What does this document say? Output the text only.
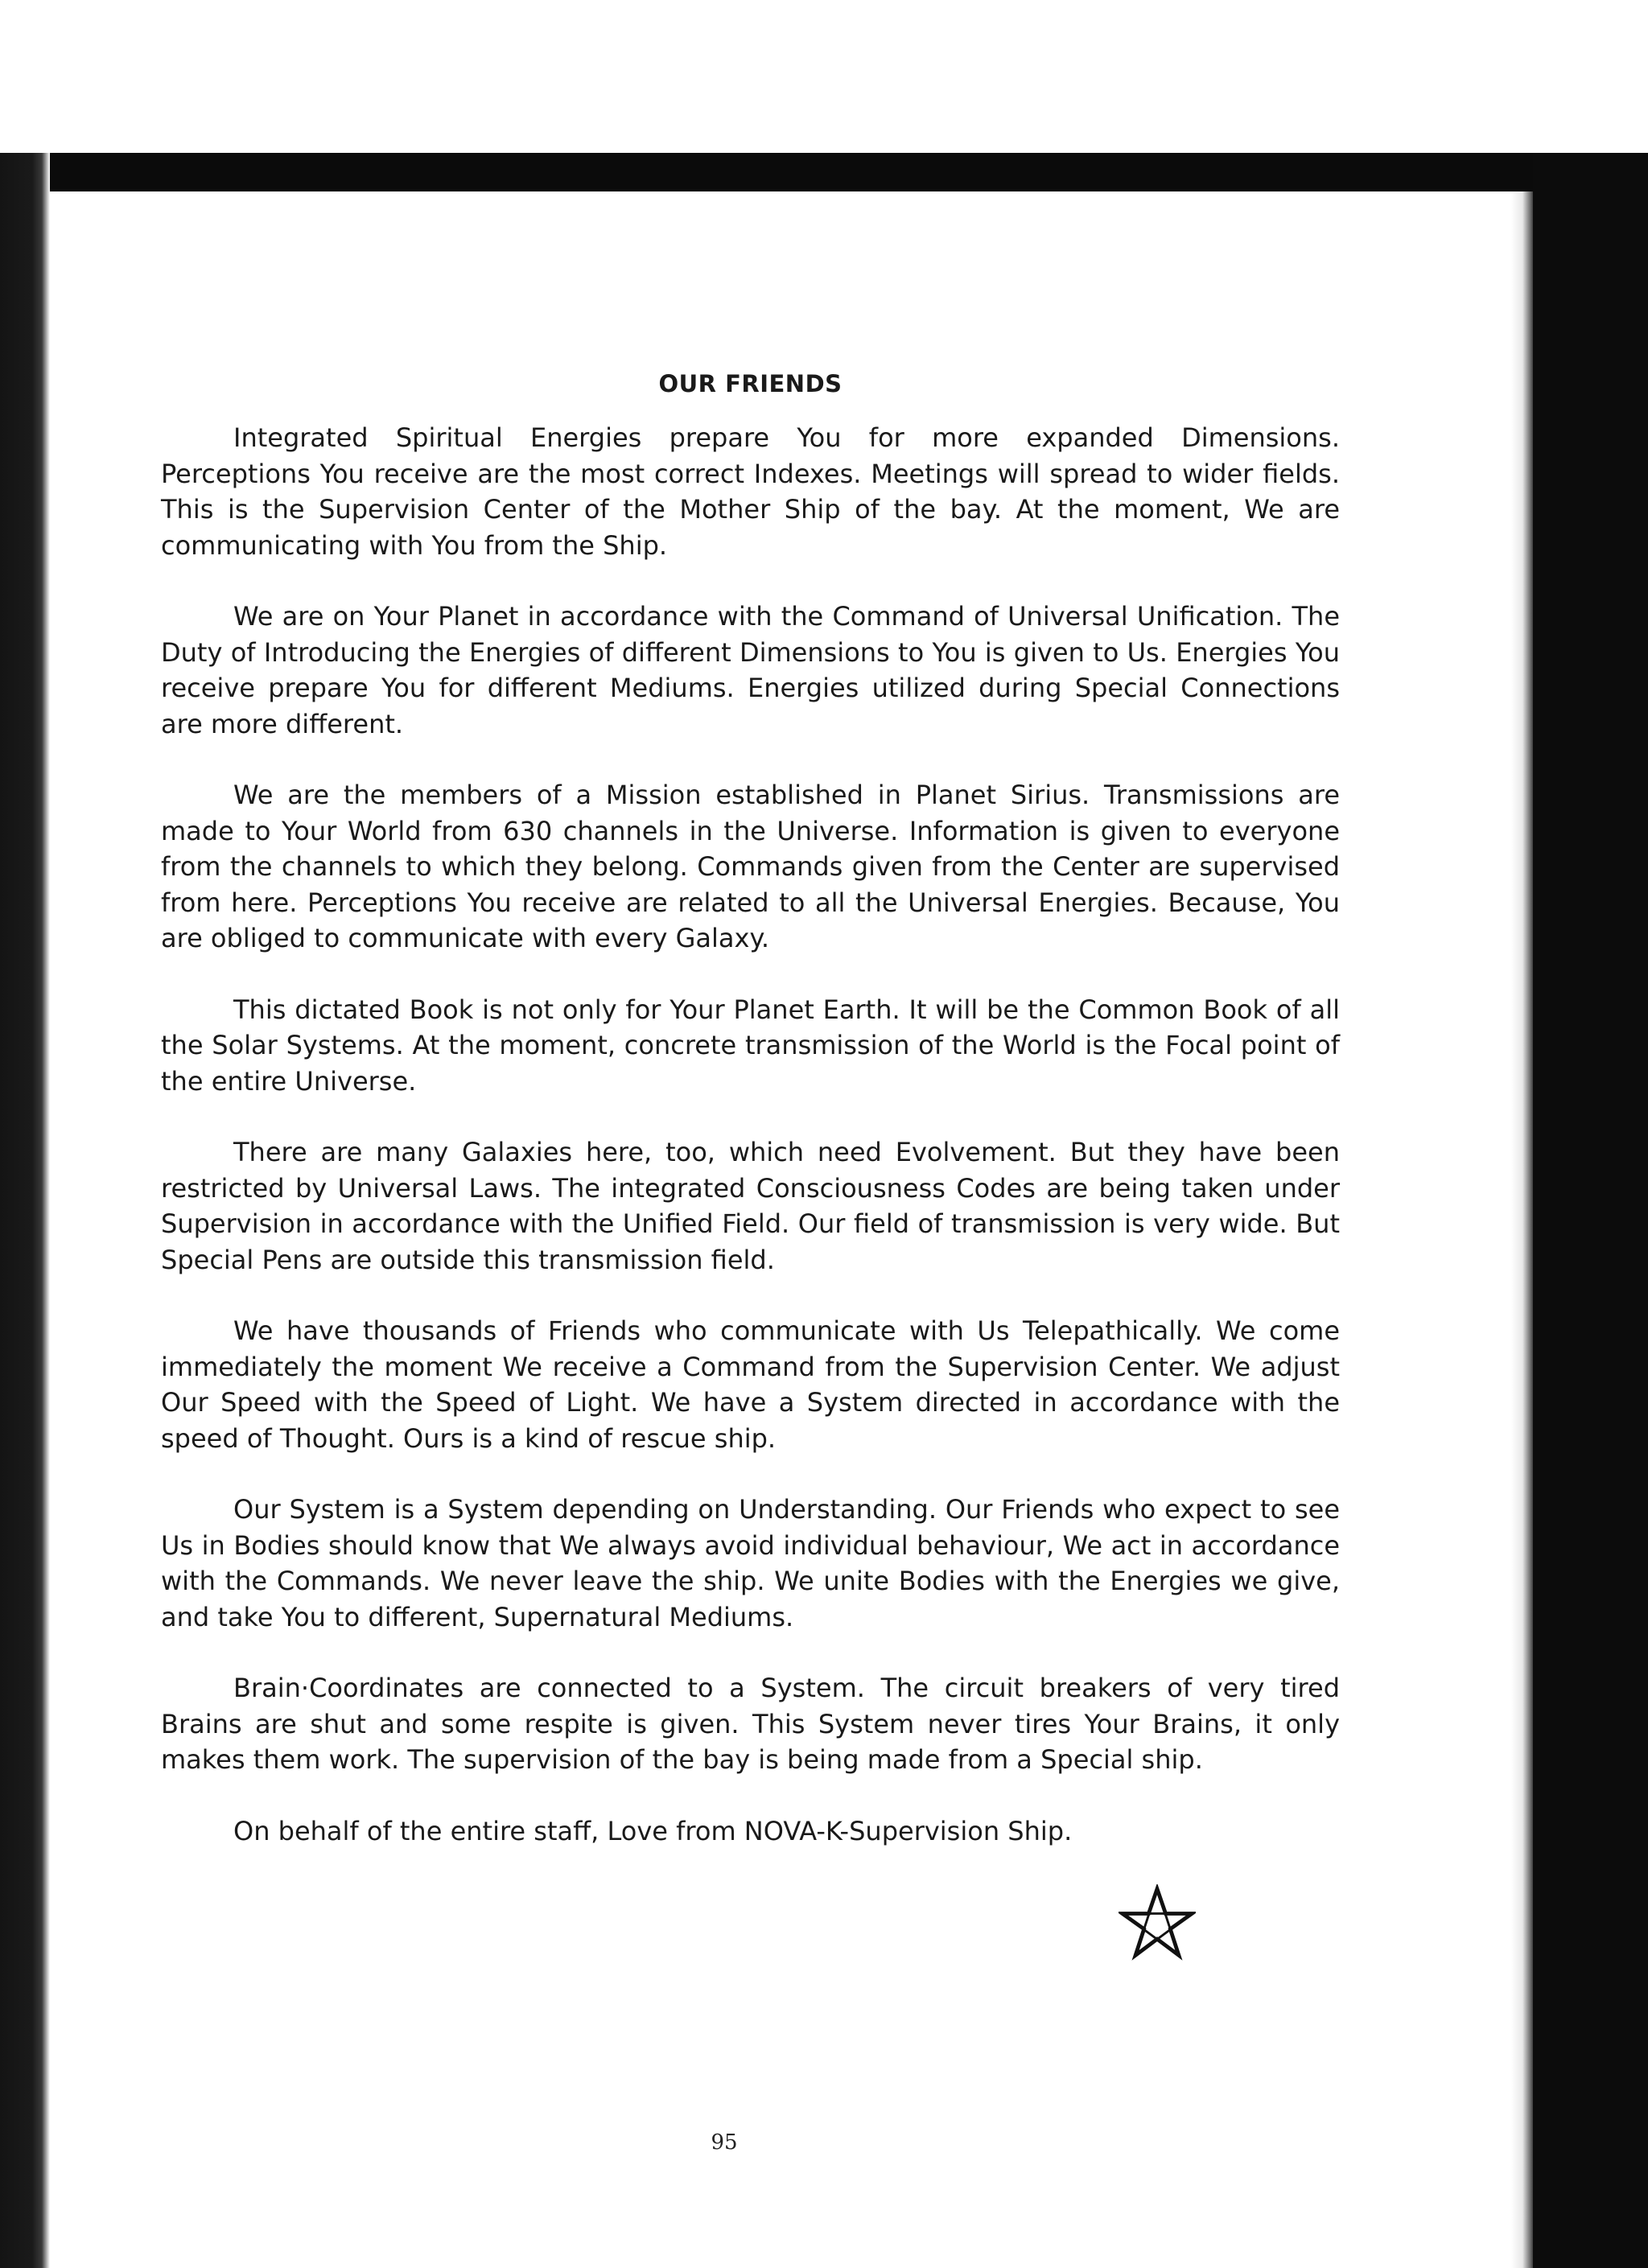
OUR FRIENDS

Integrated Spiritual Energies prepare You for more expanded Dimensions. Perceptions You receive are the most correct Indexes. Meetings will spread to wider fields. This is the Supervision Center of the Mother Ship of the bay. At the moment, We are communicating with You from the Ship.

We are on Your Planet in accordance with the Command of Universal Unification. The Duty of Introducing the Energies of different Dimensions to You is given to Us. Energies You receive prepare You for different Mediums. Energies utilized during Special Connections are more different.

We are the members of a Mission established in Planet Sirius. Transmissions are made to Your World from 630 channels in the Universe. Information is given to everyone from the channels to which they belong. Commands given from the Center are supervised from here. Perceptions You receive are related to all the Universal Energies. Because, You are obliged to communicate with every Galaxy.

This dictated Book is not only for Your Planet Earth. It will be the Common Book of all the Solar Systems. At the moment, concrete transmission of the World is the Focal point of the entire Universe.

There are many Galaxies here, too, which need Evolvement. But they have been restricted by Universal Laws. The integrated Consciousness Codes are being taken under Supervision in accordance with the Unified Field. Our field of transmission is very wide. But Special Pens are outside this transmission field.

We have thousands of Friends who communicate with Us Telepathically. We come immediately the moment We receive a Command from the Supervision Center. We adjust Our Speed with the Speed of Light. We have a System directed in accordance with the speed of Thought. Ours is a kind of rescue ship.

Our System is a System depending on Understanding. Our Friends who expect to see Us in Bodies should know that We always avoid individual behaviour, We act in accordance with the Commands. We never leave the ship. We unite Bodies with the Energies we give, and take You to different, Supernatural Mediums.

Brain·Coordinates are connected to a System. The circuit breakers of very tired Brains are shut and some respite is given. This System never tires Your Brains, it only makes them work. The supervision of the bay is being made from a Special ship.

On behalf of the entire staff, Love from NOVA-K-Supervision Ship.

95
